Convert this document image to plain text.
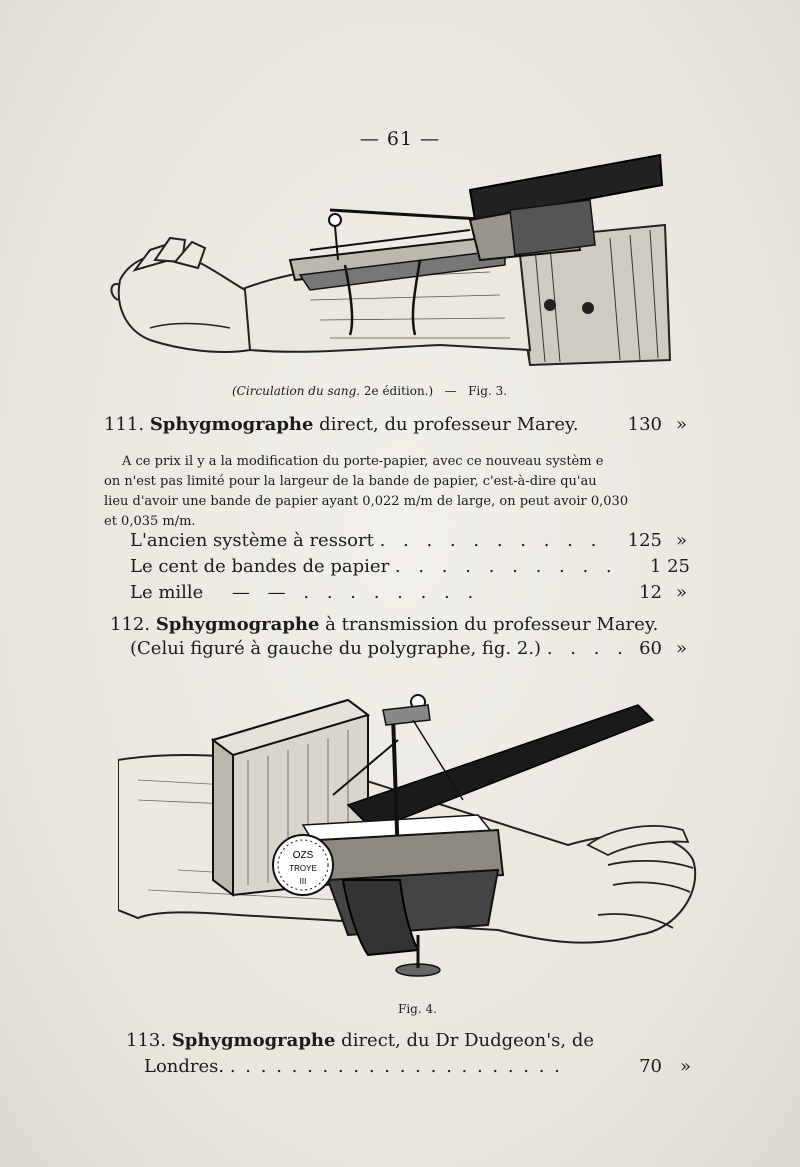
— 61 —
(Circulation du sang. 2e édition.) — Fig. 3.
111. Sphygmographe direct, du professeur Marey.	130 »
A ce prix il y a la modification du porte-papier, avec ce nouveau systèm e
on n'est pas limité pour la largeur de la bande de papier, c'est-à-dire qu'au
lieu d'avoir une bande de papier ayant 0,022 m/m de large, on peut avoir 0,030
et 0,035 m/m.
L'ancien système à ressort . . . . . . . . . .	125 »
Le cent de bandes de papier . . . . . . . . . .	1 25
Le mille — — . . . . . . . .	12 »
112. Sphygmographe à transmission du professeur Marey.
(Celui figuré à gauche du polygraphe, fig. 2.) . . . . 60 »
OZS
TROYE
III
Fig. 4.
113. Sphygmographe direct, du Dr Dudgeon's, de
Londres. . . . . . . . . . . . . . . . . . . . . . .	70 »
